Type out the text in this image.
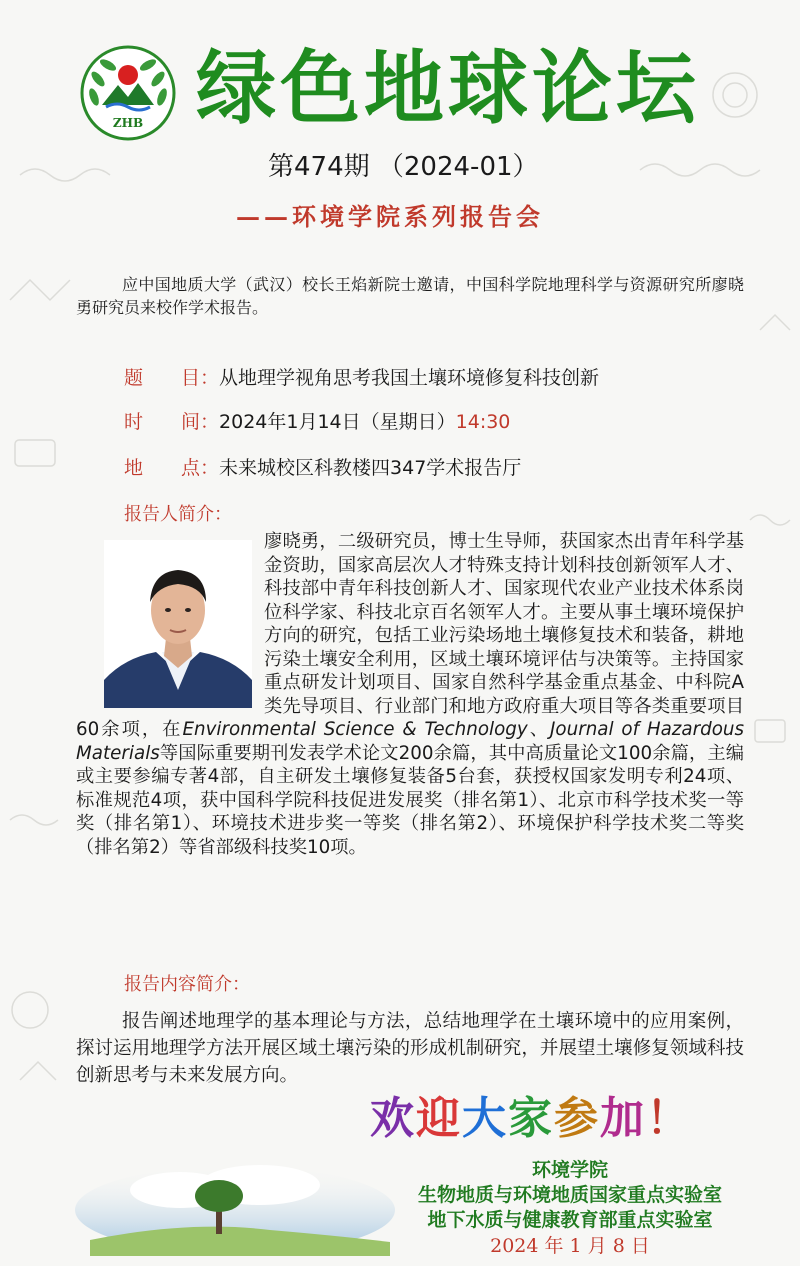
ZHB 绿色地球论坛
第474期 （2024-01）
——环境学院系列报告会
应中国地质大学（武汉）校长王焰新院士邀请，中国科学院地理科学与资源研究所廖晓勇研究员来校作学术报告。
题　　目：从地理学视角思考我国土壤环境修复科技创新
时　　间：2024年1月14日（星期日）14:30
地　　点：未来城校区科教楼四347学术报告厅
报告人简介：

廖晓勇，二级研究员，博士生导师，获国家杰出青年科学基金资助，国家高层次人才特殊支持计划科技创新领军人才、科技部中青年科技创新人才、国家现代农业产业技术体系岗位科学家、科技北京百名领军人才。主要从事土壤环境保护方向的研究，包括工业污染场地土壤修复技术和装备，耕地污染土壤安全利用，区域土壤环境评估与决策等。主持国家重点研发计划项目、国家自然科学基金重点基金、中科院A类先导项目、行业部门和地方政府重大项目等各类重要项目60余项，在Environmental Science & Technology、Journal of Hazardous Materials等国际重要期刊发表学术论文200余篇，其中高质量论文100余篇，主编或主要参编专著4部，自主研发土壤修复装备5台套，获授权国家发明专利24项、标准规范4项，获中国科学院科技促进发展奖（排名第1）、北京市科学技术奖一等奖（排名第1）、环境技术进步奖一等奖（排名第2）、环境保护科学技术奖二等奖（排名第2）等省部级科技奖10项。

报告内容简介：
报告阐述地理学的基本理论与方法，总结地理学在土壤环境中的应用案例，探讨运用地理学方法开展区域土壤污染的形成机制研究，并展望土壤修复领域科技创新思考与未来发展方向。
欢迎大家参加！
环境学院
生物地质与环境地质国家重点实验室
地下水质与健康教育部重点实验室
2024 年 1 月 8 日
